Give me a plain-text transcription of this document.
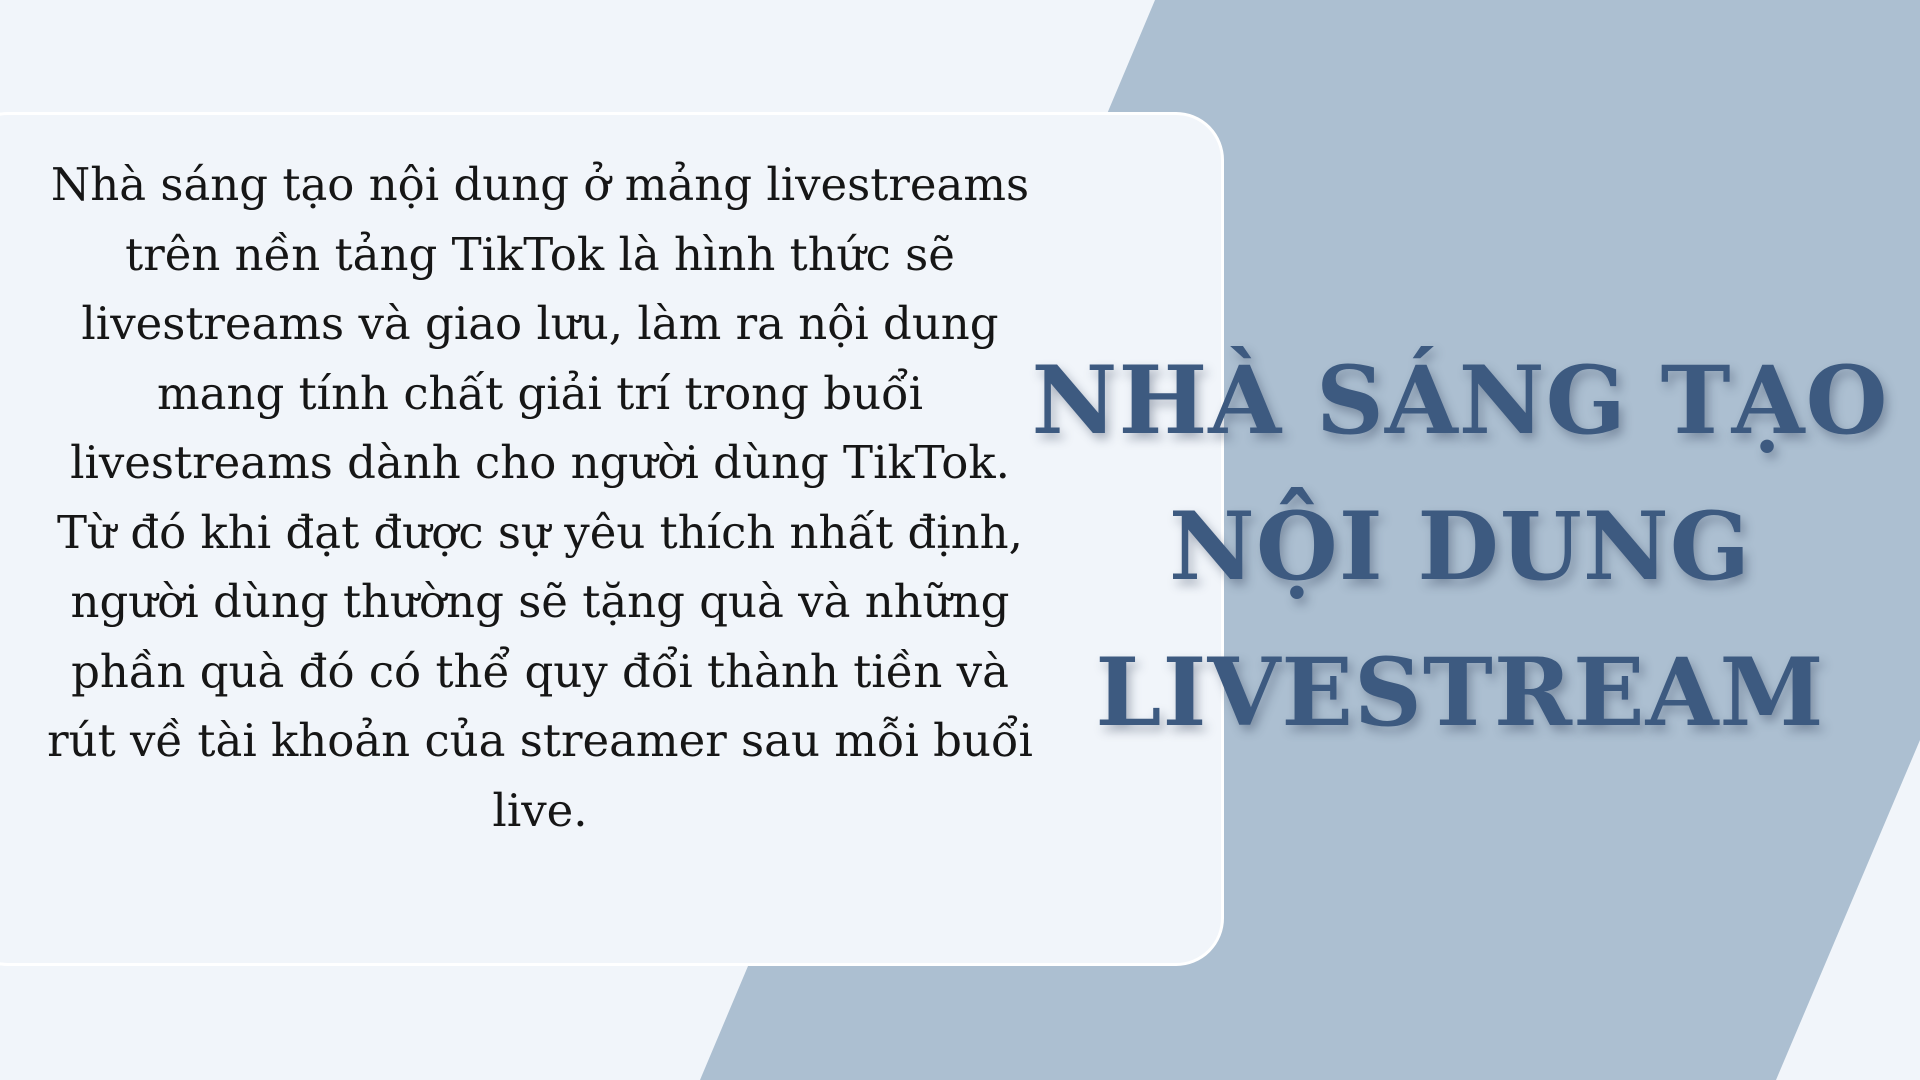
Nhà sáng tạo nội dung ở mảng livestreams trên nền tảng TikTok là hình thức sẽ livestreams và giao lưu, làm ra nội dung mang tính chất giải trí trong buổi livestreams dành cho người dùng TikTok.

Từ đó khi đạt được sự yêu thích nhất định, người dùng thường sẽ tặng quà và những phần quà đó có thể quy đổi thành tiền và rút về tài khoản của streamer sau mỗi buổi live.

NHÀ SÁNG TẠO
NỘI DUNG
LIVESTREAM
